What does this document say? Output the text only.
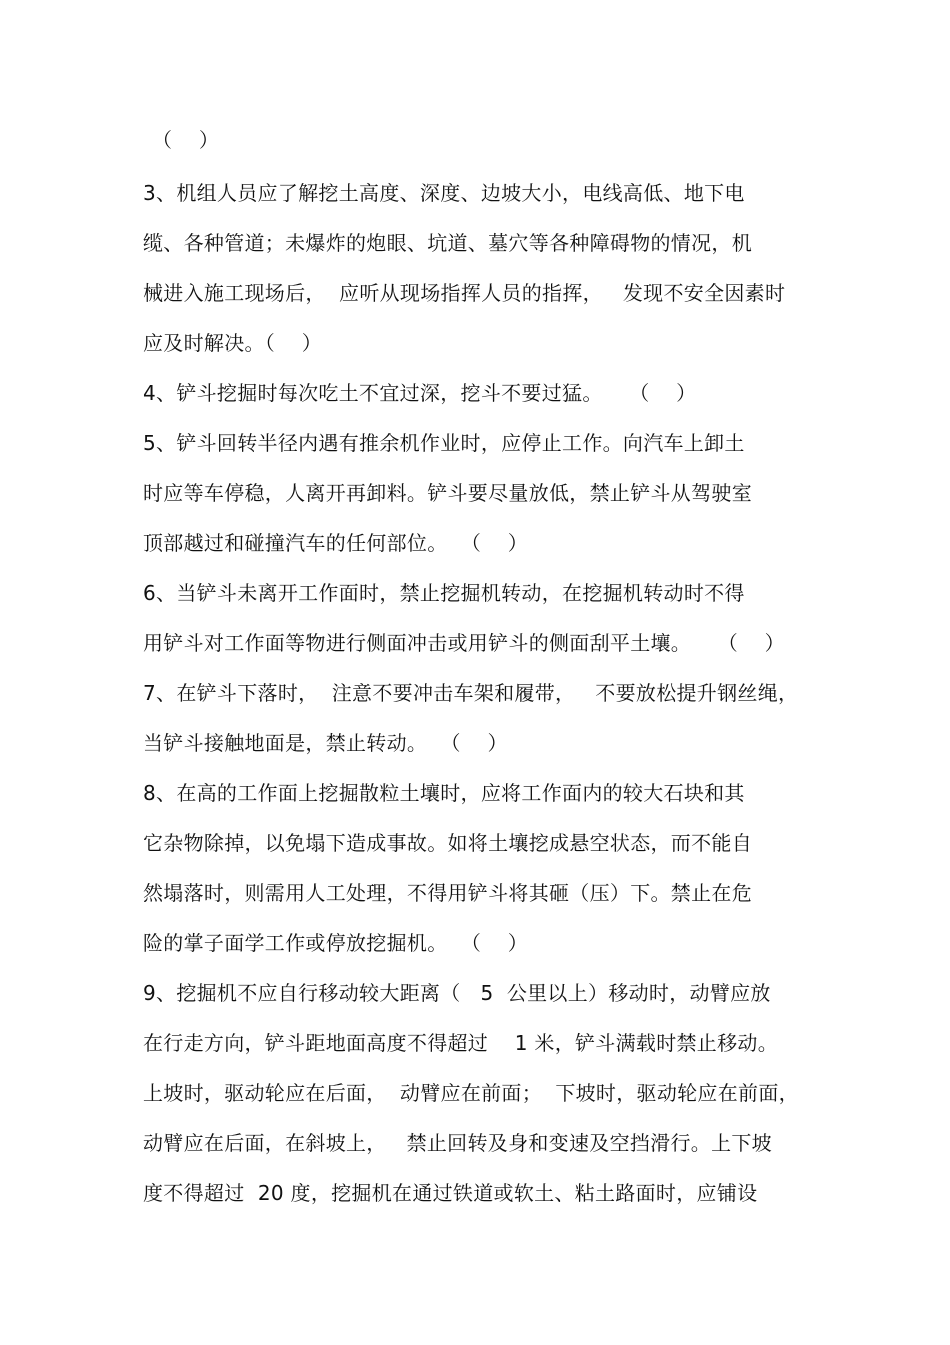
（    ）
3、机组人员应了解挖土高度、深度、边坡大小，电线高低、地下电
缆、各种管道；未爆炸的炮眼、坑道、墓穴等各种障碍物的情况，机
械进入施工现场后，  应听从现场指挥人员的指挥，   发现不安全因素时
应及时解决。（    ）
4、铲斗挖掘时每次吃土不宜过深，挖斗不要过猛。    （    ）
5、铲斗回转半径内遇有推余机作业时，应停止工作。向汽车上卸土
时应等车停稳，人离开再卸料。铲斗要尽量放低，禁止铲斗从驾驶室
顶部越过和碰撞汽车的任何部位。  （    ）
6、当铲斗未离开工作面时，禁止挖掘机转动，在挖掘机转动时不得
用铲斗对工作面等物进行侧面冲击或用铲斗的侧面刮平土壤。    （    ）
7、在铲斗下落时，  注意不要冲击车架和履带，   不要放松提升钢丝绳，
当铲斗接触地面是，禁止转动。  （    ）
8、在高的工作面上挖掘散粒土壤时，应将工作面内的较大石块和其
它杂物除掉，以免塌下造成事故。如将土壤挖成悬空状态，而不能自
然塌落时，则需用人工处理，不得用铲斗将其砸（压）下。禁止在危
险的掌子面学工作或停放挖掘机。  （    ）
9、挖掘机不应自行移动较大距离（   5  公里以上）移动时，动臂应放
在行走方向，铲斗距地面高度不得超过    1 米，铲斗满载时禁止移动。
上坡时，驱动轮应在后面，  动臂应在前面；  下坡时，驱动轮应在前面，
动臂应在后面，在斜坡上，   禁止回转及身和变速及空挡滑行。上下坡
度不得超过  20 度，挖掘机在通过铁道或软土、粘土路面时，应铺设
